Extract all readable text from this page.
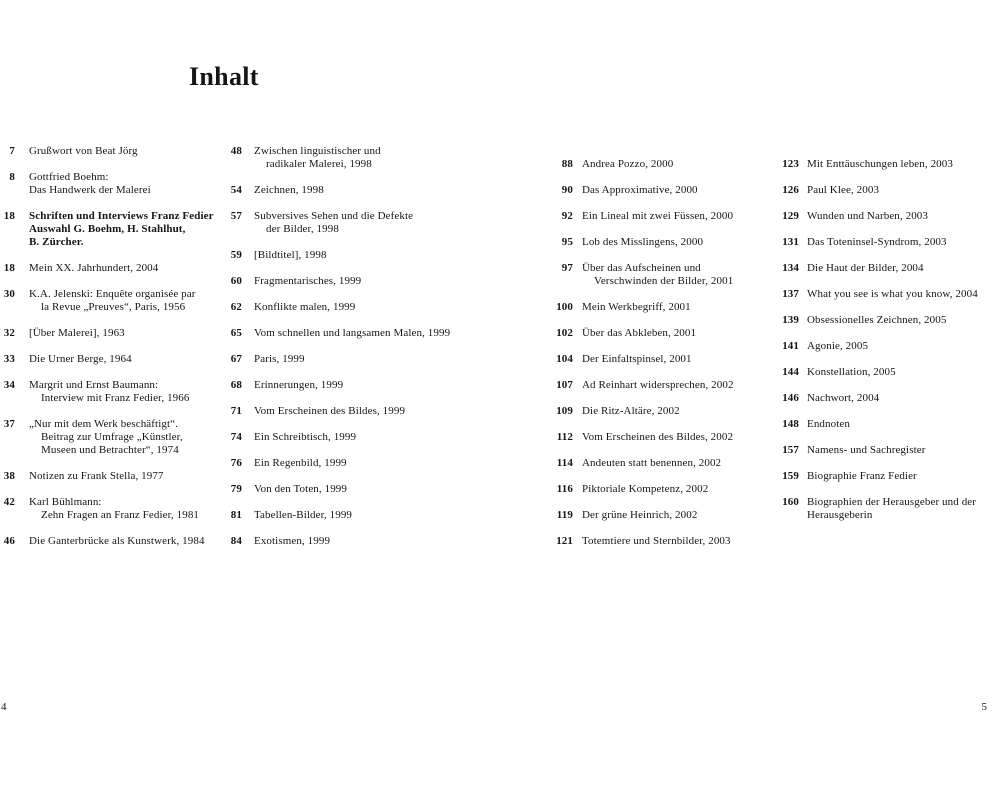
Inhalt
7 Grußwort von Beat Jörg
8 Gottfried Boehm:
Das Handwerk der Malerei
18 Schriften und Interviews Franz Fedier
Auswahl G. Boehm, H. Stahlhut,
B. Zürcher.
18 Mein XX. Jahrhundert, 2004
30 K.A. Jelenski: Enquête organisée par
la Revue „Preuves“, Paris, 1956
32 [Über Malerei], 1963
33 Die Urner Berge, 1964
34 Margrit und Ernst Baumann:
Interview mit Franz Fedier, 1966
37 „Nur mit dem Werk beschäftigt“.
Beitrag zur Umfrage „Künstler,
Museen und Betrachter“, 1974
38 Notizen zu Frank Stella, 1977
42 Karl Bühlmann:
Zehn Fragen an Franz Fedier, 1981
46 Die Ganterbrücke als Kunstwerk, 1984
48 Zwischen linguistischer und
radikaler Malerei, 1998
54 Zeichnen, 1998
57 Subversives Sehen und die Defekte
der Bilder, 1998
59 [Bildtitel], 1998
60 Fragmentarisches, 1999
62 Konflikte malen, 1999
65 Vom schnellen und langsamen Malen, 1999
67 Paris, 1999
68 Erinnerungen, 1999
71 Vom Erscheinen des Bildes, 1999
74 Ein Schreibtisch, 1999
76 Ein Regenbild, 1999
79 Von den Toten, 1999
81 Tabellen-Bilder, 1999
84 Exotismen, 1999
88 Andrea Pozzo, 2000
90 Das Approximative, 2000
92 Ein Lineal mit zwei Füssen, 2000
95 Lob des Misslingens, 2000
97 Über das Aufscheinen und
Verschwinden der Bilder, 2001
100 Mein Werkbegriff, 2001
102 Über das Abkleben, 2001
104 Der Einfaltspinsel, 2001
107 Ad Reinhart widersprechen, 2002
109 Die Ritz-Altäre, 2002
112 Vom Erscheinen des Bildes, 2002
114 Andeuten statt benennen, 2002
116 Piktoriale Kompetenz, 2002
119 Der grüne Heinrich, 2002
121 Totemtiere und Sternbilder, 2003
123 Mit Enttäuschungen leben, 2003
126 Paul Klee, 2003
129 Wunden und Narben, 2003
131 Das Toteninsel-Syndrom, 2003
134 Die Haut der Bilder, 2004
137 What you see is what you know, 2004
139 Obsessionelles Zeichnen, 2005
141 Agonie, 2005
144 Konstellation, 2005
146 Nachwort, 2004
148 Endnoten
157 Namens- und Sachregister
159 Biographie Franz Fedier
160 Biographien der Herausgeber und der
Herausgeberin
4	5
